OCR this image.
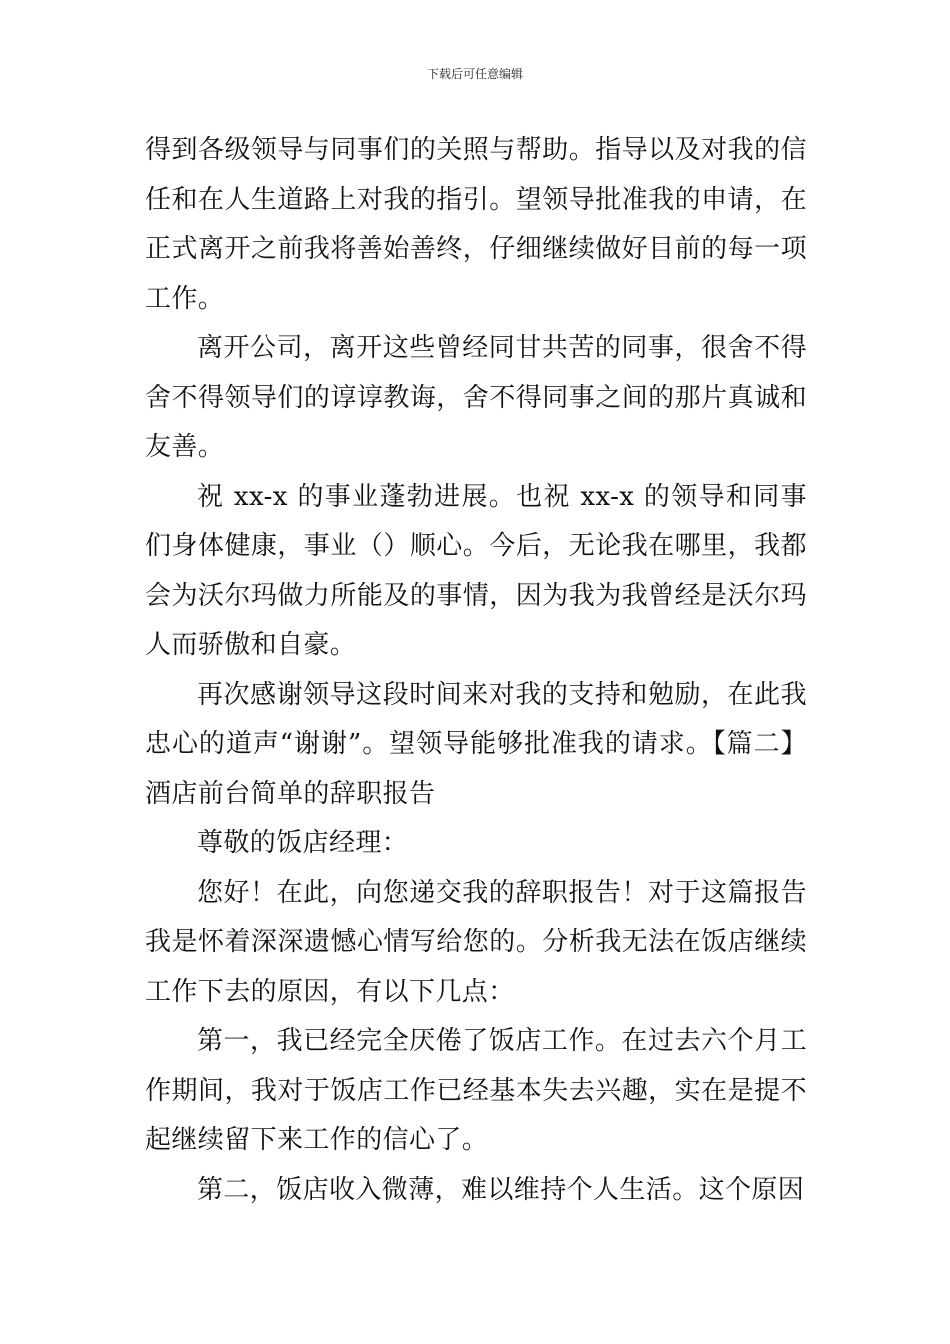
下载后可任意编辑

得到各级领导与同事们的关照与帮助。指导以及对我的信任和在人生道路上对我的指引。望领导批准我的申请，在正式离开之前我将善始善终，仔细继续做好目前的每一项工作。

离开公司，离开这些曾经同甘共苦的同事，很舍不得舍不得领导们的谆谆教诲，舍不得同事之间的那片真诚和友善。

祝 xx-x 的事业蓬勃进展。也祝 xx-x 的领导和同事们身体健康，事业（）顺心。今后，无论我在哪里，我都会为沃尔玛做力所能及的事情，因为我为我曾经是沃尔玛人而骄傲和自豪。

再次感谢领导这段时间来对我的支持和勉励，在此我忠心的道声“谢谢”。望领导能够批准我的请求。【篇二】酒店前台简单的辞职报告

尊敬的饭店经理：

您好！在此，向您递交我的辞职报告！对于这篇报告我是怀着深深遗憾心情写给您的。分析我无法在饭店继续工作下去的原因，有以下几点：

第一，我已经完全厌倦了饭店工作。在过去六个月工作期间，我对于饭店工作已经基本失去兴趣，实在是提不起继续留下来工作的信心了。

第二，饭店收入微薄，难以维持个人生活。这个原因
